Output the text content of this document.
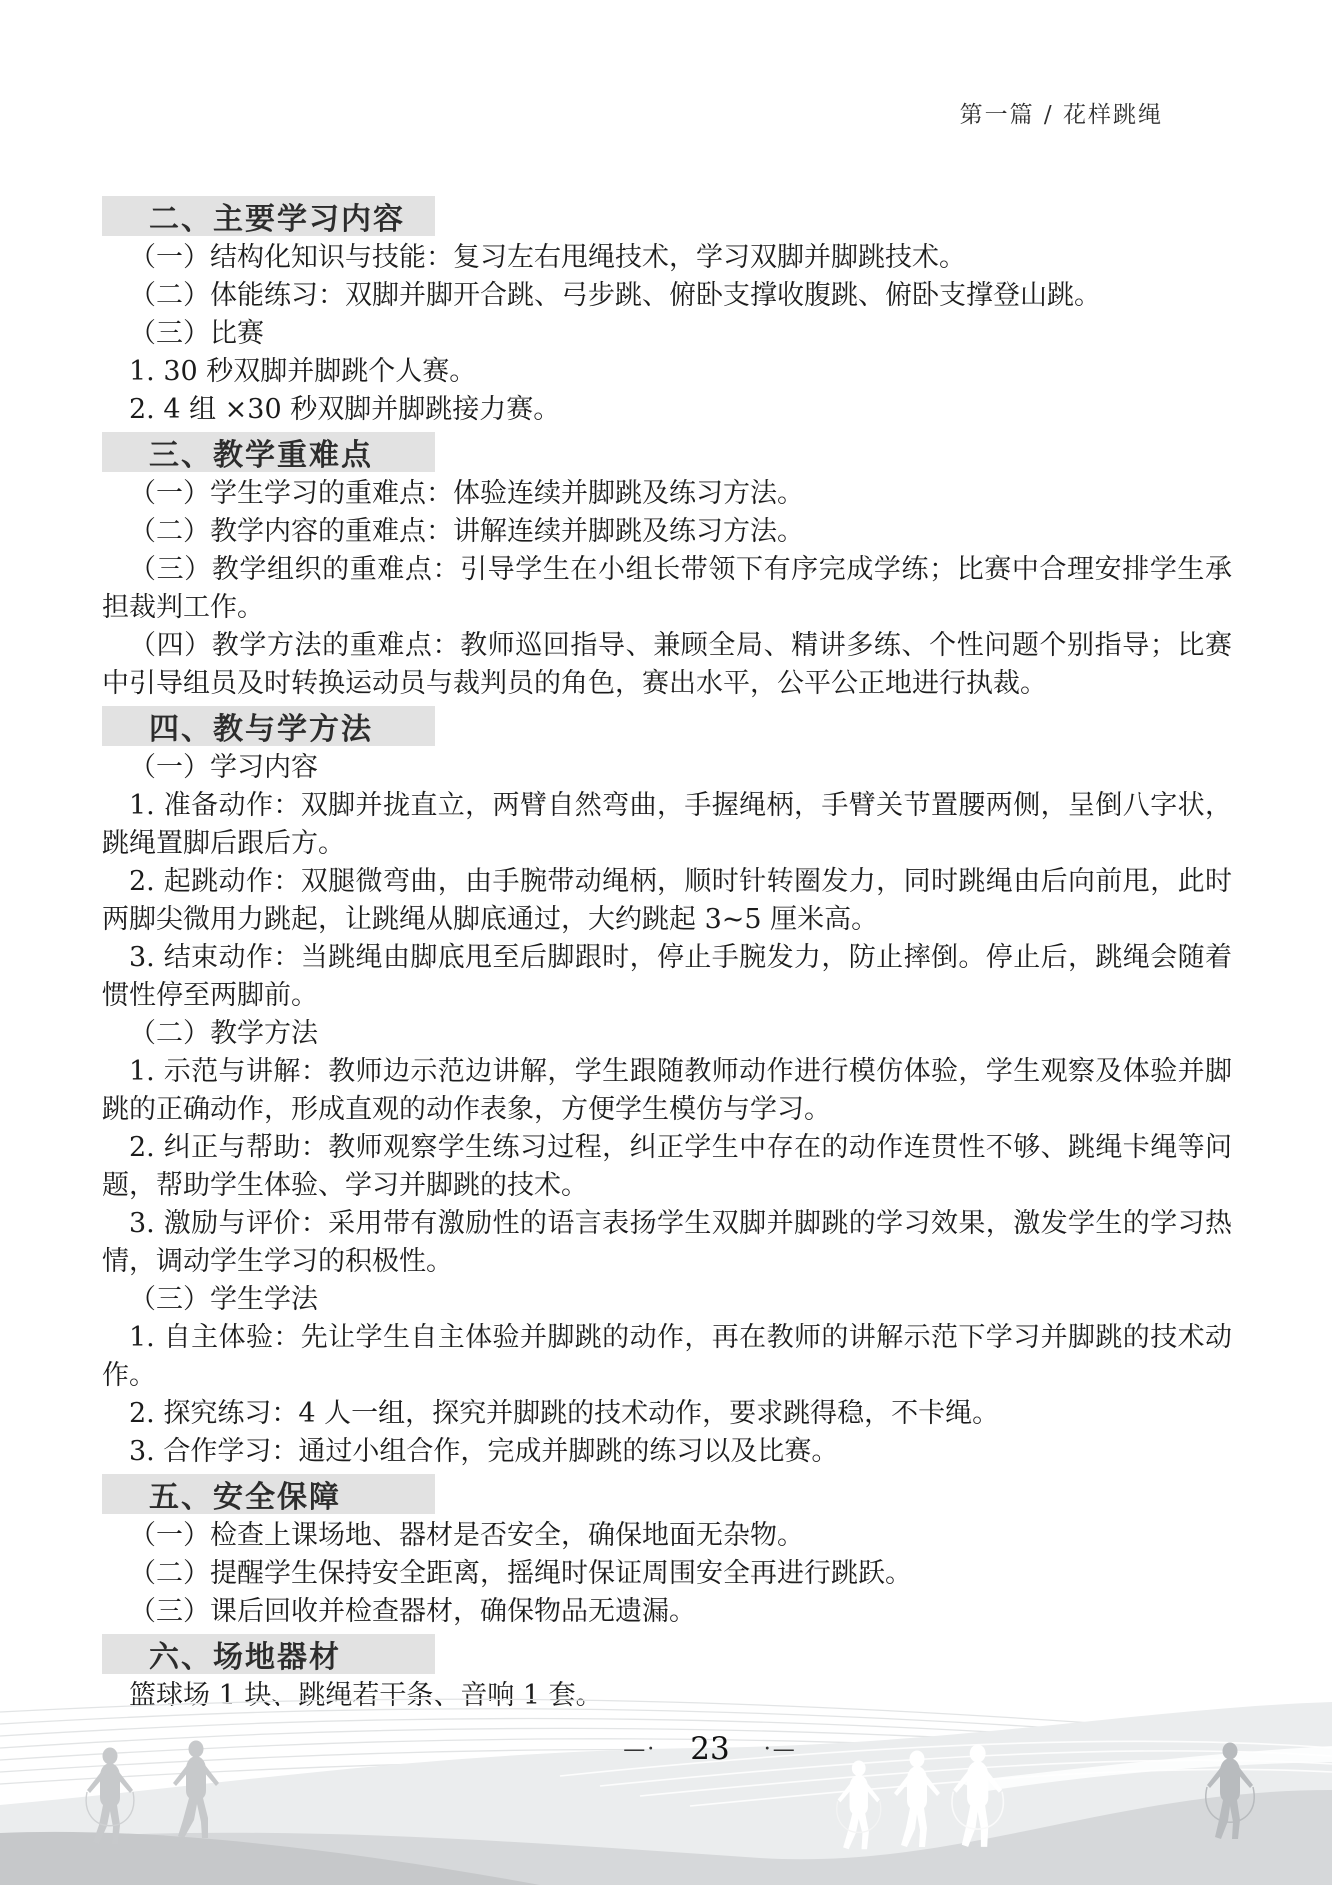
第一篇 / 花样跳绳
二、主要学习内容

（一）结构化知识与技能：复习左右甩绳技术，学习双脚并脚跳技术。

（二）体能练习：双脚并脚开合跳、弓步跳、俯卧支撑收腹跳、俯卧支撑登山跳。

（三）比赛

1. 30 秒双脚并脚跳个人赛。

2. 4 组 ×30 秒双脚并脚跳接力赛。

三、教学重难点

（一）学生学习的重难点：体验连续并脚跳及练习方法。

（二）教学内容的重难点：讲解连续并脚跳及练习方法。

（三）教学组织的重难点：引导学生在小组长带领下有序完成学练；比赛中合理安排学生承担裁判工作。

（四）教学方法的重难点：教师巡回指导、兼顾全局、精讲多练、个性问题个别指导；比赛中引导组员及时转换运动员与裁判员的角色，赛出水平，公平公正地进行执裁。

四、教与学方法

（一）学习内容

1. 准备动作：双脚并拢直立，两臂自然弯曲，手握绳柄，手臂关节置腰两侧，呈倒八字状，跳绳置脚后跟后方。

2. 起跳动作：双腿微弯曲，由手腕带动绳柄，顺时针转圈发力，同时跳绳由后向前甩，此时两脚尖微用力跳起，让跳绳从脚底通过，大约跳起 3~5 厘米高。

3. 结束动作：当跳绳由脚底甩至后脚跟时，停止手腕发力，防止摔倒。停止后，跳绳会随着惯性停至两脚前。

（二）教学方法

1. 示范与讲解：教师边示范边讲解，学生跟随教师动作进行模仿体验，学生观察及体验并脚跳的正确动作，形成直观的动作表象，方便学生模仿与学习。

2. 纠正与帮助：教师观察学生练习过程，纠正学生中存在的动作连贯性不够、跳绳卡绳等问题，帮助学生体验、学习并脚跳的技术。

3. 激励与评价：采用带有激励性的语言表扬学生双脚并脚跳的学习效果，激发学生的学习热情，调动学生学习的积极性。

（三）学生学法

1. 自主体验：先让学生自主体验并脚跳的动作，再在教师的讲解示范下学习并脚跳的技术动作。

2. 探究练习：4 人一组，探究并脚跳的技术动作，要求跳得稳，不卡绳。

3. 合作学习：通过小组合作，完成并脚跳的练习以及比赛。

五、安全保障

（一）检查上课场地、器材是否安全，确保地面无杂物。

（二）提醒学生保持安全距离，摇绳时保证周围安全再进行跳跃。

（三）课后回收并检查器材，确保物品无遗漏。

六、场地器材

篮球场 1 块、跳绳若干条、音响 1 套。

—· 23 ·—
